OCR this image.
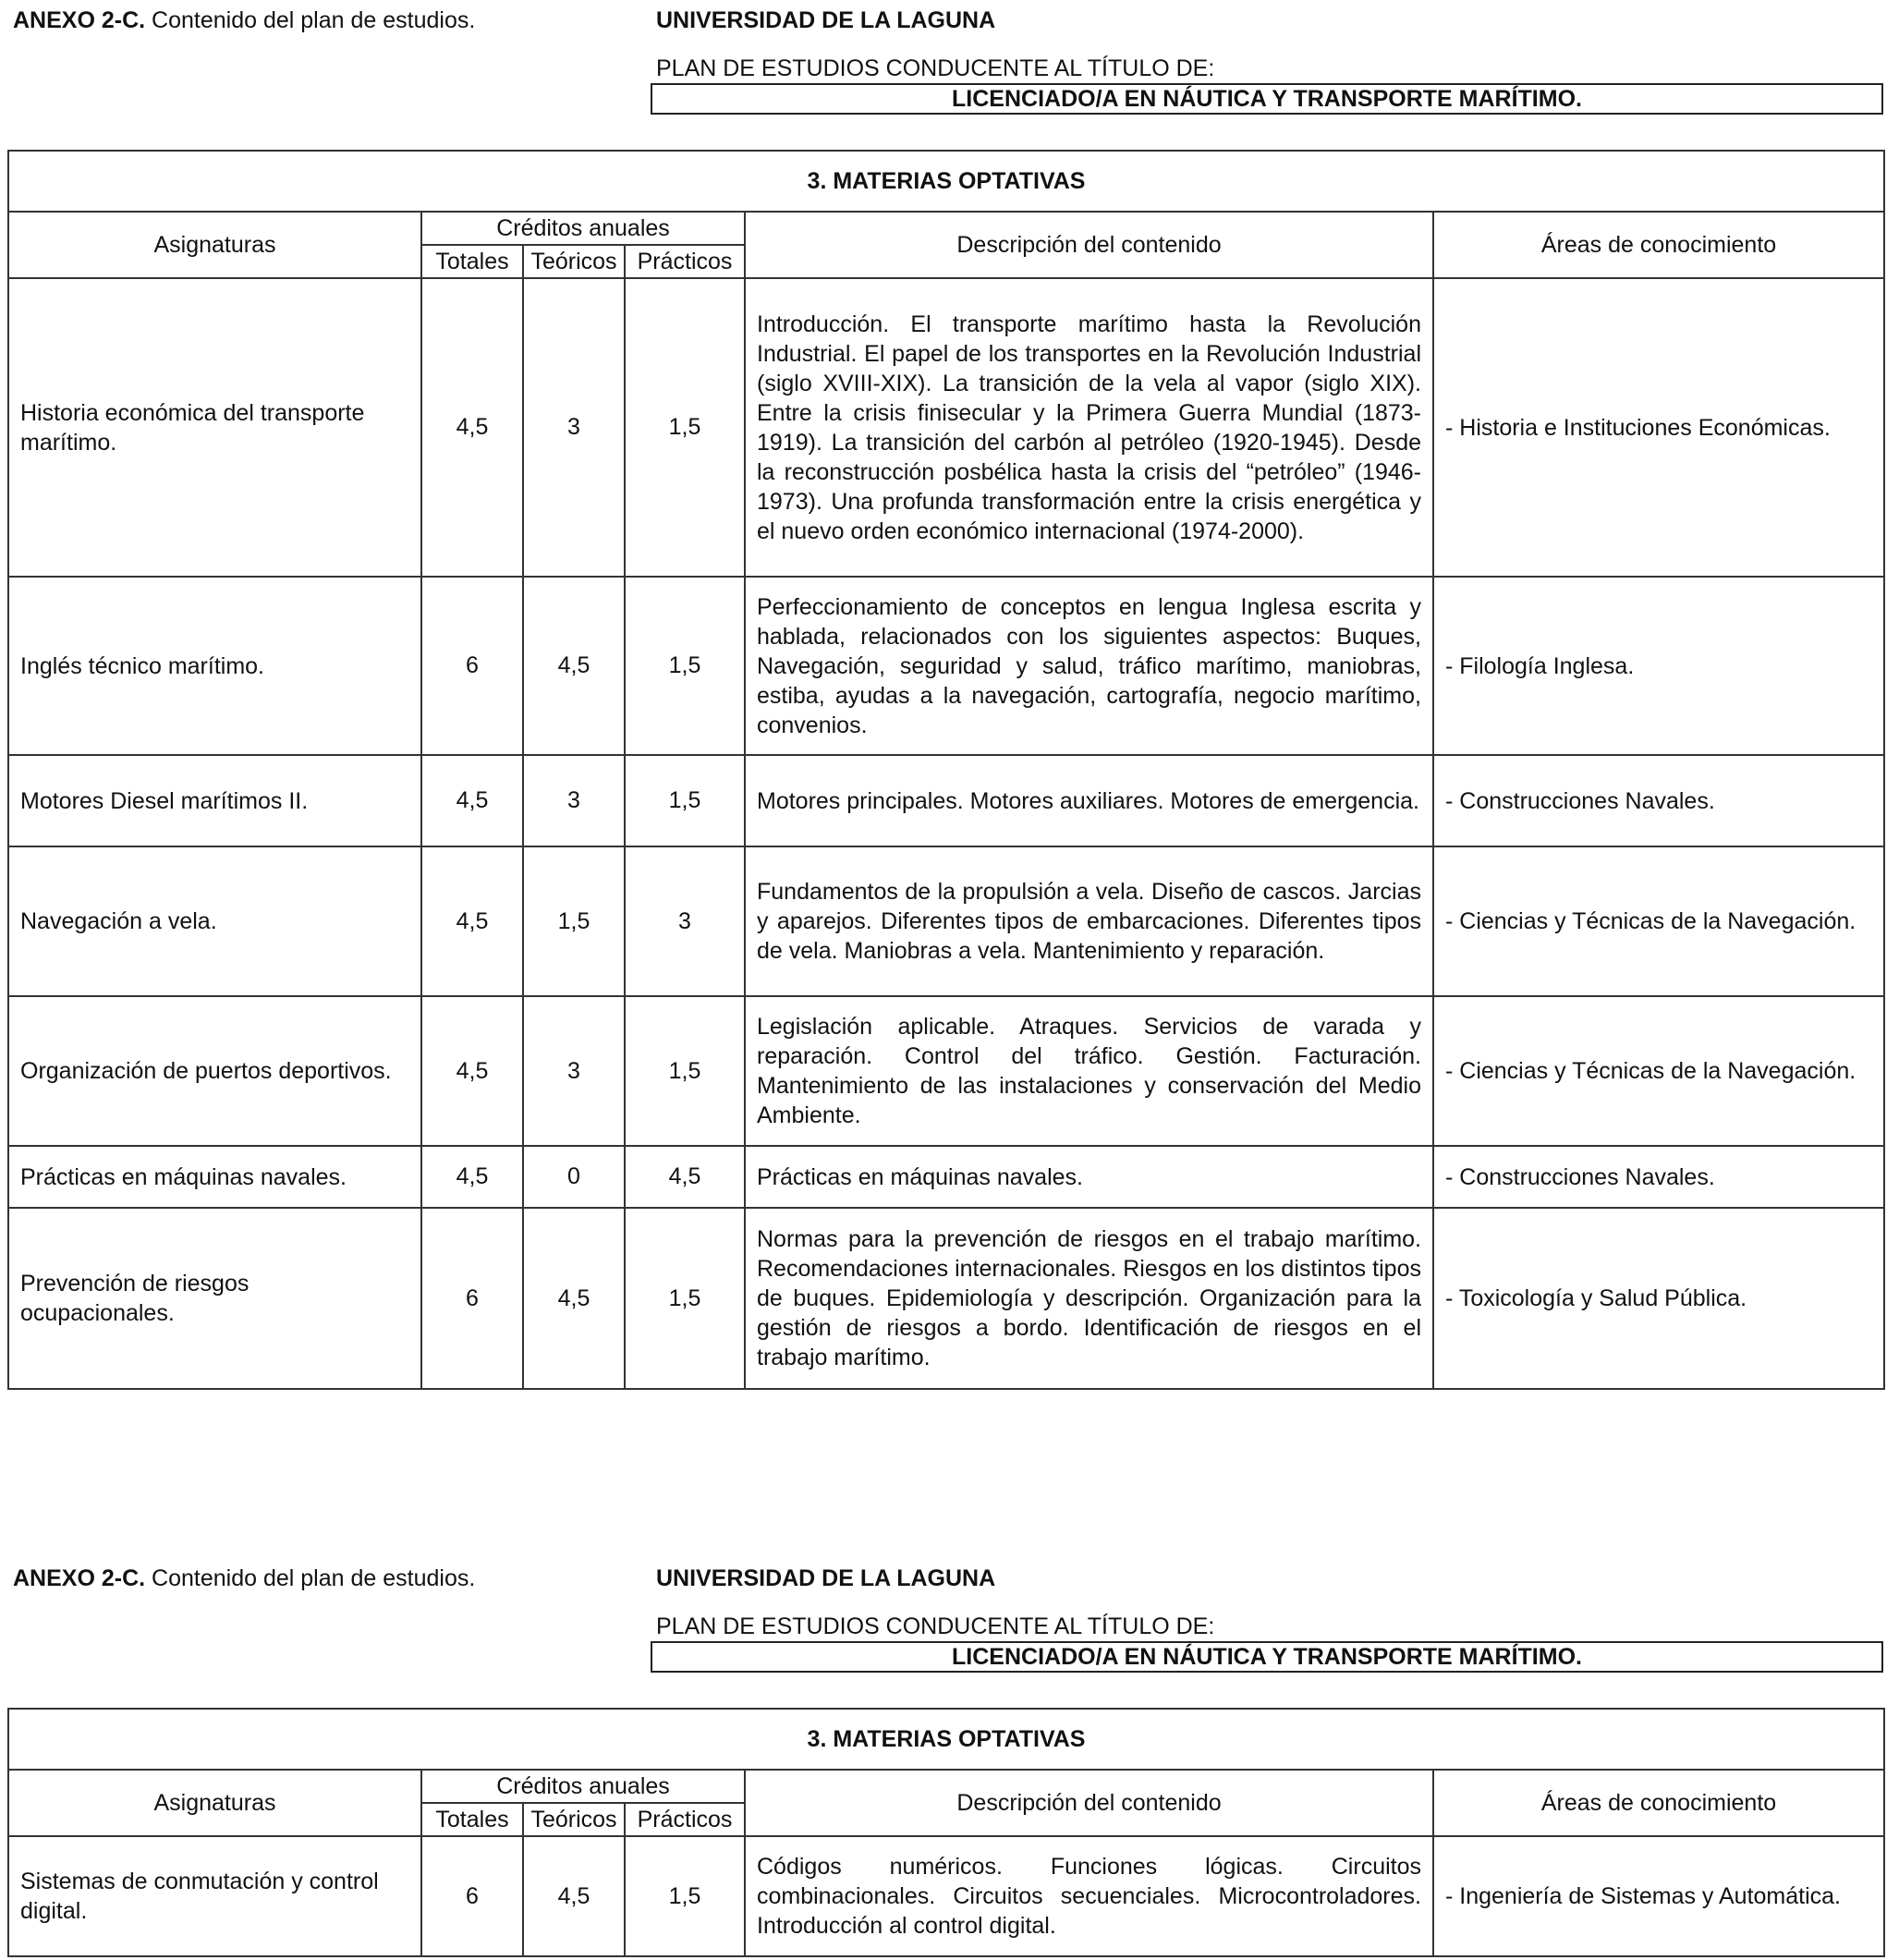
ANEXO 2-C. Contenido del plan de estudios.	UNIVERSIDAD DE LA LAGUNA
PLAN DE ESTUDIOS CONDUCENTE AL TÍTULO DE:
LICENCIADO/A EN NÁUTICA Y TRANSPORTE MARÍTIMO.
3. MATERIAS OPTATIVAS					
Asignaturas	Créditos anuales			Descripción del contenido	Áreas de conocimiento
	Totales	Teóricos	Prácticos		
Historia económica del transporte marítimo.	4,5	3	1,5	Introducción. El transporte marítimo hasta la Revolución Industrial. El papel de los transportes en la Revolución Industrial (siglo XVIII-XIX). La transición de la vela al vapor (siglo XIX). Entre la crisis finisecular y la Primera Guerra Mundial (1873-1919). La transición del carbón al petróleo (1920-1945). Desde la reconstrucción posbélica hasta la crisis del “petróleo” (1946-1973). Una profunda transformación entre la crisis energética y el nuevo orden económico internacional (1974-2000).	- Historia e Instituciones Económicas.
Inglés técnico marítimo.	6	4,5	1,5	Perfeccionamiento de conceptos en lengua Inglesa escrita y hablada, relacionados con los siguientes aspectos: Buques, Navegación, seguridad y salud, tráfico marítimo, maniobras, estiba, ayudas a la navegación, cartografía, negocio marítimo, convenios.	- Filología Inglesa.
Motores Diesel marítimos II.	4,5	3	1,5	Motores principales. Motores auxiliares. Motores de emergencia.	- Construcciones Navales.
Navegación a vela.	4,5	1,5	3	Fundamentos de la propulsión a vela. Diseño de cascos. Jarcias y aparejos. Diferentes tipos de embarcaciones. Diferentes tipos de vela. Maniobras a vela. Mantenimiento y reparación.	- Ciencias y Técnicas de la Navegación.
Organización de puertos deportivos.	4,5	3	1,5	Legislación aplicable. Atraques. Servicios de varada y reparación. Control del tráfico. Gestión. Facturación. Mantenimiento de las instalaciones y conservación del Medio Ambiente.	- Ciencias y Técnicas de la Navegación.
Prácticas en máquinas navales.	4,5	0	4,5	Prácticas en máquinas navales.	- Construcciones Navales.
Prevención de riesgos ocupacionales.	6	4,5	1,5	Normas para la prevención de riesgos en el trabajo marítimo. Recomendaciones internacionales. Riesgos en los distintos tipos de buques. Epidemiología y descripción. Organización para la gestión de riesgos a bordo. Identificación de riesgos en el trabajo marítimo.	- Toxicología y Salud Pública.
ANEXO 2-C. Contenido del plan de estudios.	UNIVERSIDAD DE LA LAGUNA
PLAN DE ESTUDIOS CONDUCENTE AL TÍTULO DE:
LICENCIADO/A EN NÁUTICA Y TRANSPORTE MARÍTIMO.
3. MATERIAS OPTATIVAS					
Asignaturas	Créditos anuales			Descripción del contenido	Áreas de conocimiento
	Totales	Teóricos	Prácticos		
Sistemas de conmutación y control digital.	6	4,5	1,5	Códigos numéricos. Funciones lógicas. Circuitos combinacionales. Circuitos secuenciales. Microcontroladores. Introducción al control digital.	- Ingeniería de Sistemas y Automática.
